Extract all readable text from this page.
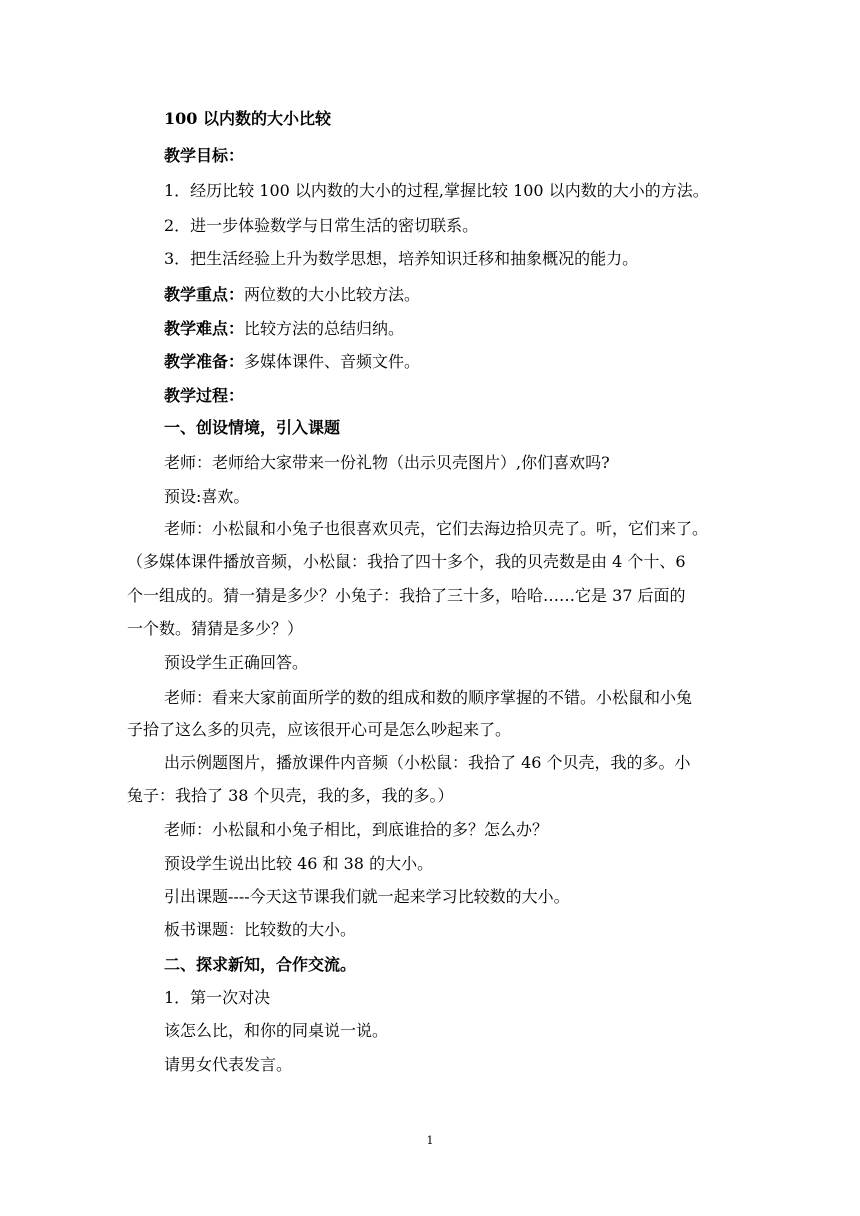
100 以内数的大小比较
教学目标：
1．经历比较 100 以内数的大小的过程,掌握比较 100 以内数的大小的方法。
2．进一步体验数学与日常生活的密切联系。
3．把生活经验上升为数学思想，培养知识迁移和抽象概况的能力。
教学重点：两位数的大小比较方法。
教学难点：比较方法的总结归纳。
教学准备：多媒体课件、音频文件。
教学过程：
一、创设情境，引入课题
老师：老师给大家带来一份礼物（出示贝壳图片）,你们喜欢吗?
预设:喜欢。
老师：小松鼠和小兔子也很喜欢贝壳，它们去海边拾贝壳了。听，它们来了。
（多媒体课件播放音频，小松鼠：我拾了四十多个，我的贝壳数是由 4 个十、6
个一组成的。猜一猜是多少？小兔子：我拾了三十多，哈哈……它是 37 后面的
一个数。猜猜是多少？）
预设学生正确回答。
老师：看来大家前面所学的数的组成和数的顺序掌握的不错。小松鼠和小兔
子拾了这么多的贝壳，应该很开心可是怎么吵起来了。
出示例题图片，播放课件内音频（小松鼠：我拾了 46 个贝壳，我的多。小
兔子：我拾了 38 个贝壳，我的多，我的多。）
老师：小松鼠和小兔子相比，到底谁拾的多？怎么办？
预设学生说出比较 46 和 38 的大小。
引出课题----今天这节课我们就一起来学习比较数的大小。
板书课题：比较数的大小。
二、探求新知，合作交流。
1．第一次对决
该怎么比，和你的同桌说一说。
请男女代表发言。
1
